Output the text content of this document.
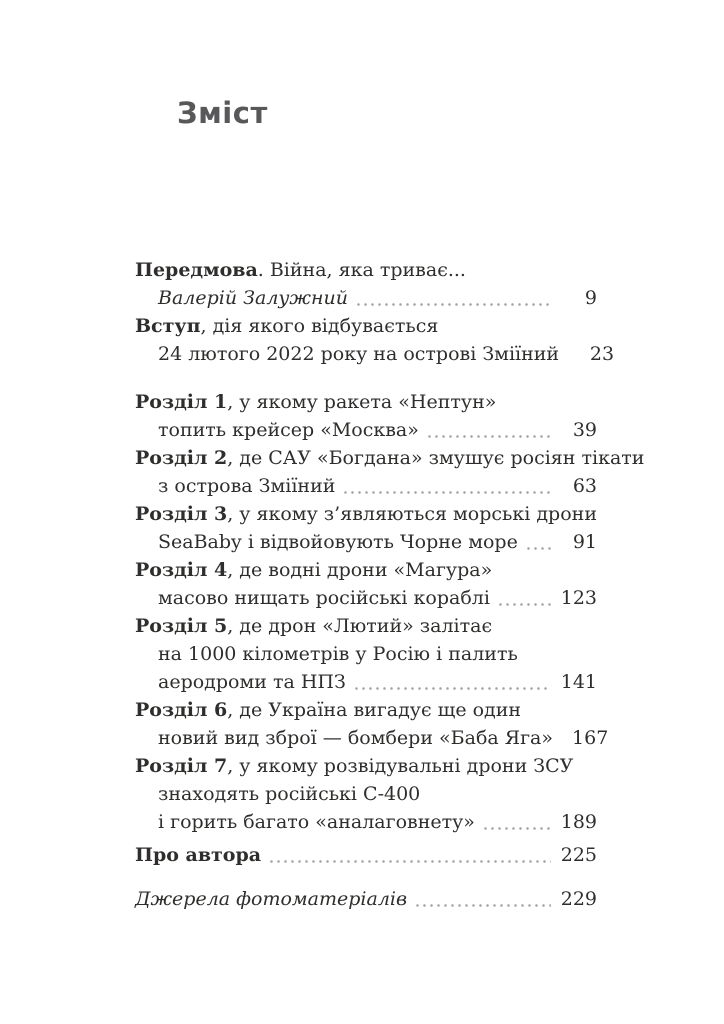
Зміст
Передмова. Війна, яка триває...
Валерій Залужний	9
Вступ, дія якого відбувається
24 лютого 2022 року на острові Зміїний	23
Розділ 1, у якому ракета «Нептун»
топить крейсер «Москва»	39
Розділ 2, де САУ «Богдана» змушує росіян тікати
з острова Зміїний	63
Розділ 3, у якому з’являються морські дрони
SeaBaby і відвойовують Чорне море	91
Розділ 4, де водні дрони «Магура»
масово нищать російські кораблі	123
Розділ 5, де дрон «Лютий» залітає
на 1000 кілометрів у Росію і палить
аеродроми та НПЗ	141
Розділ 6, де Україна вигадує ще один
новий вид зброї — бомбери «Баба Яга» 167
Розділ 7, у якому розвідувальні дрони ЗСУ
знаходять російські С-400
і горить багато «аналаговнету»	189
Про автора	225
Джерела фотоматеріалів	229
